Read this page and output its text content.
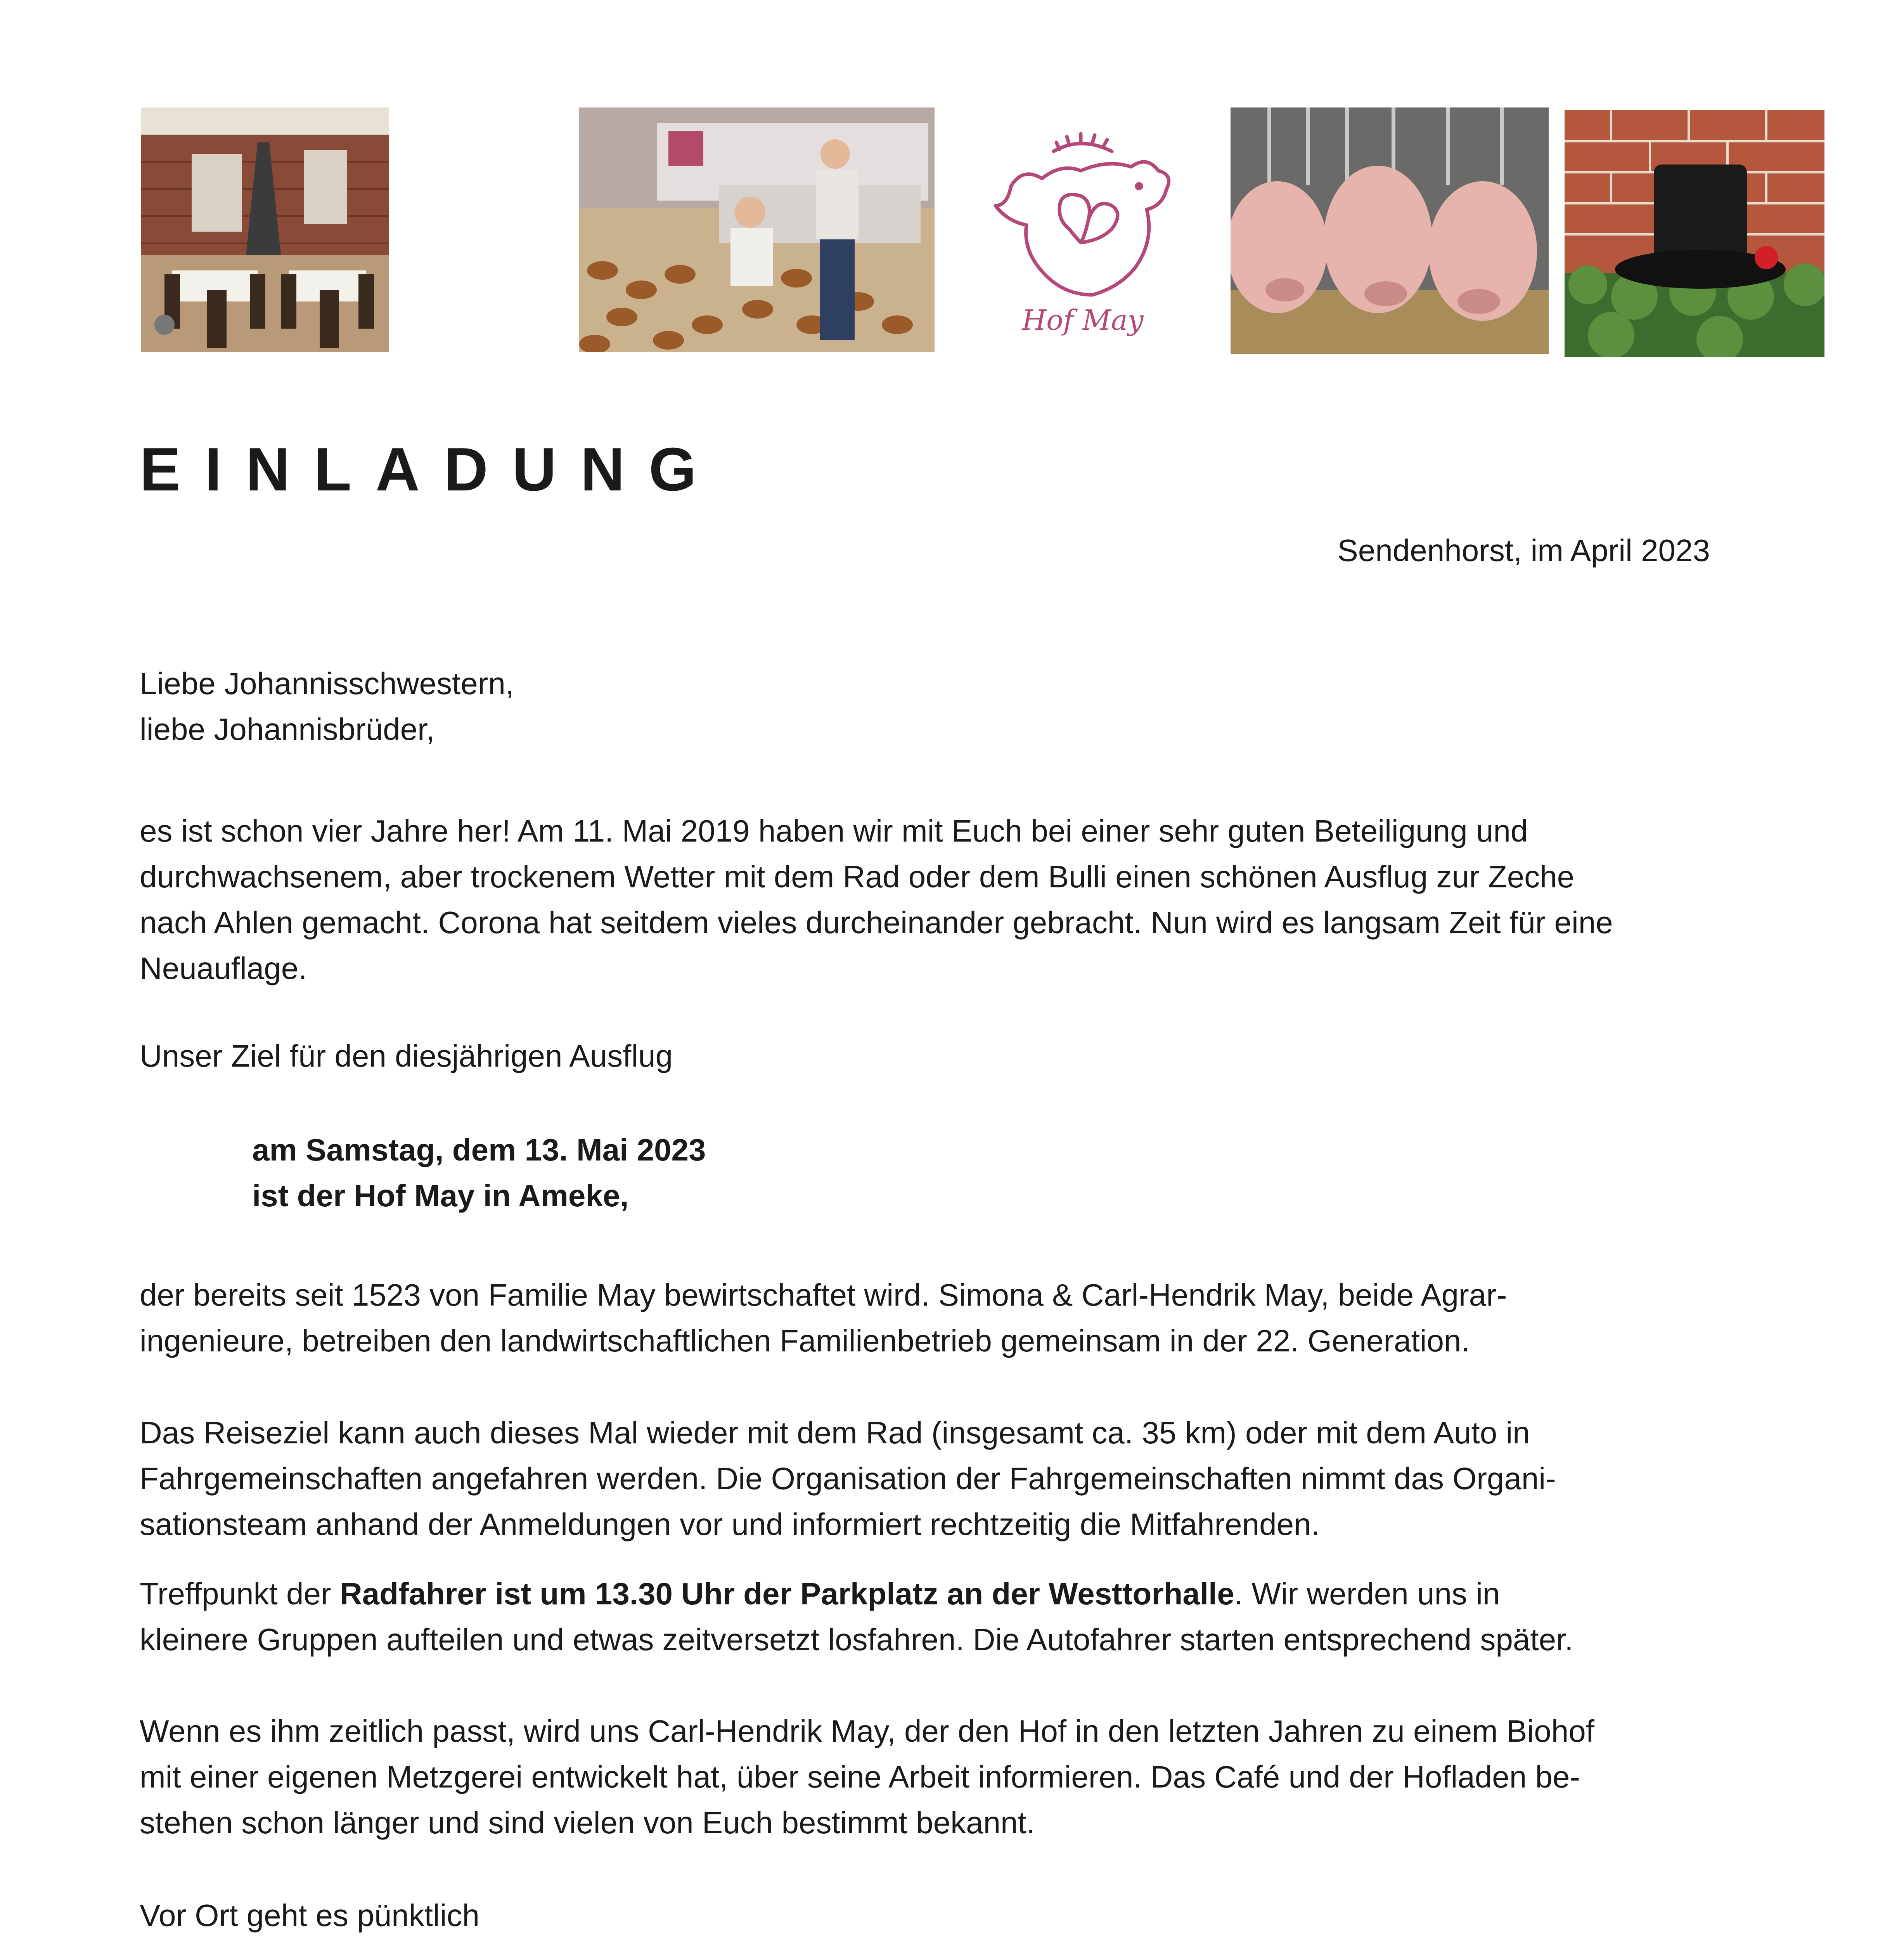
Hof May
EINLADUNG
Sendenhorst, im April 2023
Liebe Johannisschwestern,
liebe Johannisbrüder,
es ist schon vier Jahre her! Am 11. Mai 2019 haben wir mit Euch bei einer sehr guten Beteiligung und
durchwachsenem, aber trockenem Wetter mit dem Rad oder dem Bulli einen schönen Ausflug zur Zeche
nach Ahlen gemacht. Corona hat seitdem vieles durcheinander gebracht. Nun wird es langsam Zeit für eine
Neuauflage.
Unser Ziel für den diesjährigen Ausflug
am Samstag, dem 13. Mai 2023
ist der Hof May in Ameke,
der bereits seit 1523 von Familie May bewirtschaftet wird. Simona & Carl-Hendrik May, beide Agrar-
ingenieure, betreiben den landwirtschaftlichen Familienbetrieb gemeinsam in der 22. Generation.
Das Reiseziel kann auch dieses Mal wieder mit dem Rad (insgesamt ca. 35 km) oder mit dem Auto in
Fahrgemeinschaften angefahren werden. Die Organisation der Fahrgemeinschaften nimmt das Organi-
sationsteam anhand der Anmeldungen vor und informiert rechtzeitig die Mitfahrenden.
Treffpunkt der Radfahrer ist um 13.30 Uhr der Parkplatz an der Westtorhalle. Wir werden uns in
kleinere Gruppen aufteilen und etwas zeitversetzt losfahren. Die Autofahrer starten entsprechend später.
Wenn es ihm zeitlich passt, wird uns Carl-Hendrik May, der den Hof in den letzten Jahren zu einem Biohof
mit einer eigenen Metzgerei entwickelt hat, über seine Arbeit informieren. Das Café und der Hofladen be-
stehen schon länger und sind vielen von Euch bestimmt bekannt.
Vor Ort geht es pünktlich
